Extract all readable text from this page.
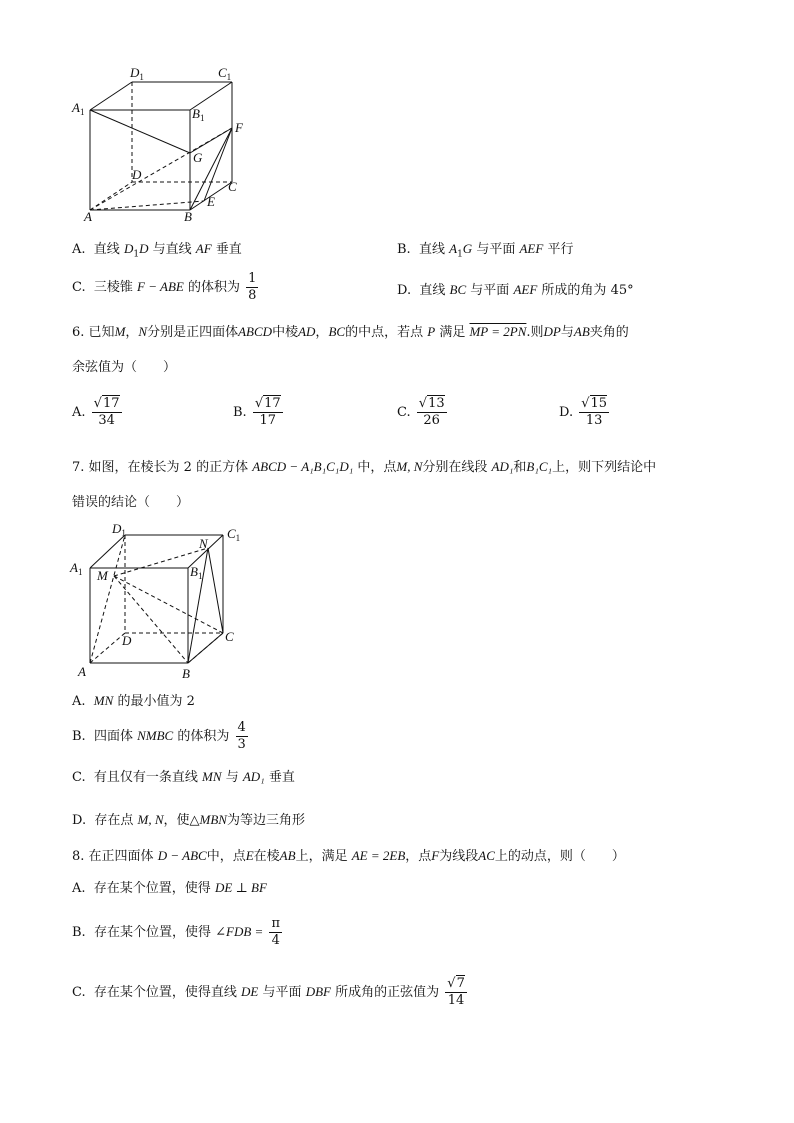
$D_1$	$C_1$
$A_1$	$B_1$
F
G
D
C
E
A	B
A. 直线 $D_1D$ 与直线 AF 垂直	B. 直线 $A_1G$ 与平面 AEF 平行
C. 三棱锥 F − ABE 的体积为 $\frac{1}{8}$	D. 直线 BC 与平面 AEF 所成的角为 45°
6. 已知M，N分别是正四面体ABCD中棱AD，BC的中点，若点 P 满足 MP = 2PN.则DP与AB夹角的
余弦值为（　　）
A. $\frac{√17}{34}$	B. $\frac{√17}{17}$	C. $\frac{√13}{26}$	D. $\frac{√15}{13}$
7. 如图，在棱长为 2 的正方体 ABCD − A₁B₁C₁D₁ 中，点M, N分别在线段 AD₁和B₁C₁上，则下列结论中
错误的结论（　　）
$D_1$	$C_1$
N
$A_1$ M	$B_1$
D	C
A	B
A. MN 的最小值为 2
B. 四面体 NMBC 的体积为 $\frac{4}{3}$
C. 有且仅有一条直线 MN 与 AD₁ 垂直
D. 存在点 M, N，使△MBN为等边三角形
8. 在正四面体 D − ABC中，点E在棱AB上，满足 AE = 2EB，点F为线段AC上的动点，则（　　）
A. 存在某个位置，使得 DE ⊥ BF
B. 存在某个位置，使得 ∠FDB = $\frac{\pi}{4}$
C. 存在某个位置，使得直线 DE 与平面 DBF 所成角的正弦值为 $\frac{√7}{14}$
